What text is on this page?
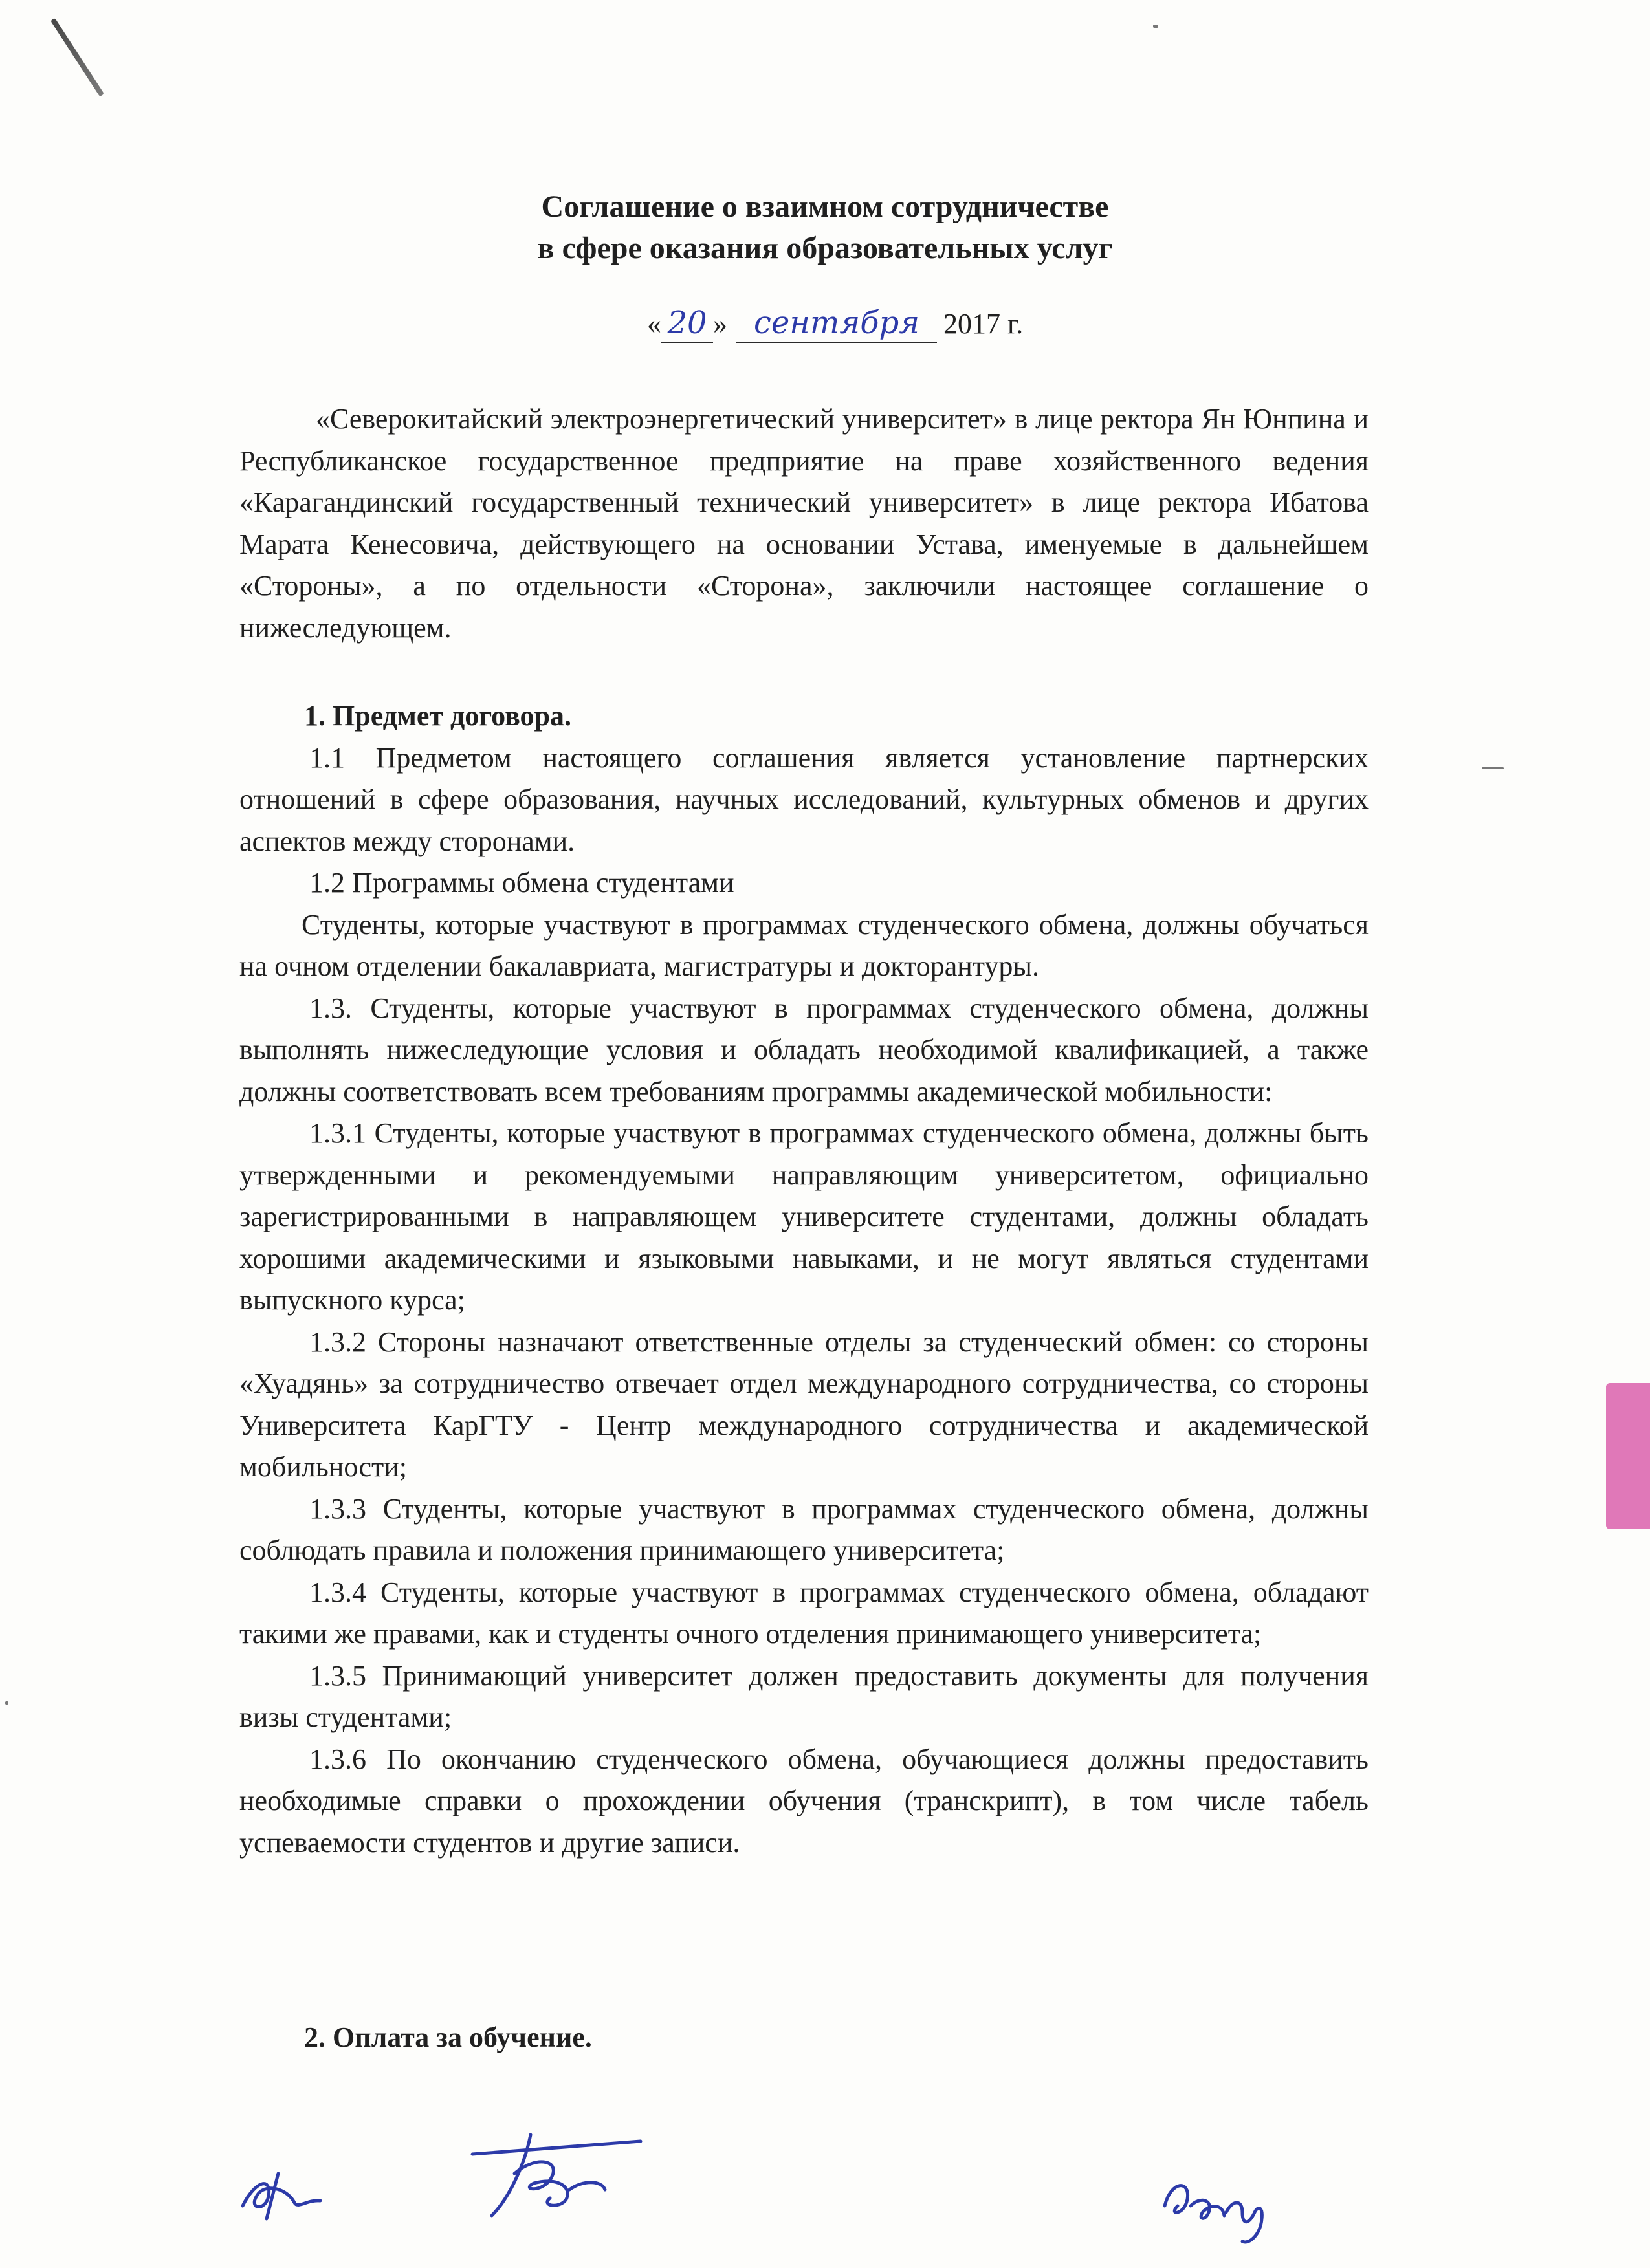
Соглашение о взаимном сотрудничестве
в сфере оказания образовательных услуг
« 20 » сентября 2017 г.

«Северокитайский электроэнергетический университет» в лице ректора Ян Юнпина и Республиканское государственное предприятие на праве хозяйственного ведения «Карагандинский государственный технический университет» в лице ректора Ибатова Марата Кенесовича, действующего на основании Устава, именуемые в дальнейшем «Стороны», а по отдельности «Сторона», заключили настоящее соглашение о нижеследующем.

1. Предмет договора.

1.1 Предметом настоящего соглашения является установление партнерских отношений в сфере образования, научных исследований, культурных обменов и других аспектов между сторонами.

1.2 Программы обмена студентами

Студенты, которые участвуют в программах студенческого обмена, должны обучаться на очном отделении бакалавриата, магистратуры и докторантуры.

1.3. Студенты, которые участвуют в программах студенческого обмена, должны выполнять нижеследующие условия и обладать необходимой квалификацией, а также должны соответствовать всем требованиям программы академической мобильности:

1.3.1 Студенты, которые участвуют в программах студенческого обмена, должны быть утвержденными и рекомендуемыми направляющим университетом, официально зарегистрированными в направляющем университете студентами, должны обладать хорошими академическими и языковыми навыками, и не могут являться студентами выпускного курса;

1.3.2 Стороны назначают ответственные отделы за студенческий обмен: со стороны «Хуадянь» за сотрудничество отвечает отдел международного сотрудничества, со стороны Университета КарГТУ - Центр международного сотрудничества и академической мобильности;

1.3.3 Студенты, которые участвуют в программах студенческого обмена, должны соблюдать правила и положения принимающего университета;

1.3.4 Студенты, которые участвуют в программах студенческого обмена, обладают такими же правами, как и студенты очного отделения принимающего университета;

1.3.5 Принимающий университет должен предоставить документы для получения визы студентами;

1.3.6 По окончанию студенческого обмена, обучающиеся должны предоставить необходимые справки о прохождении обучения (транскрипт), в том числе табель успеваемости студентов и другие записи.

2. Оплата за обучение.
